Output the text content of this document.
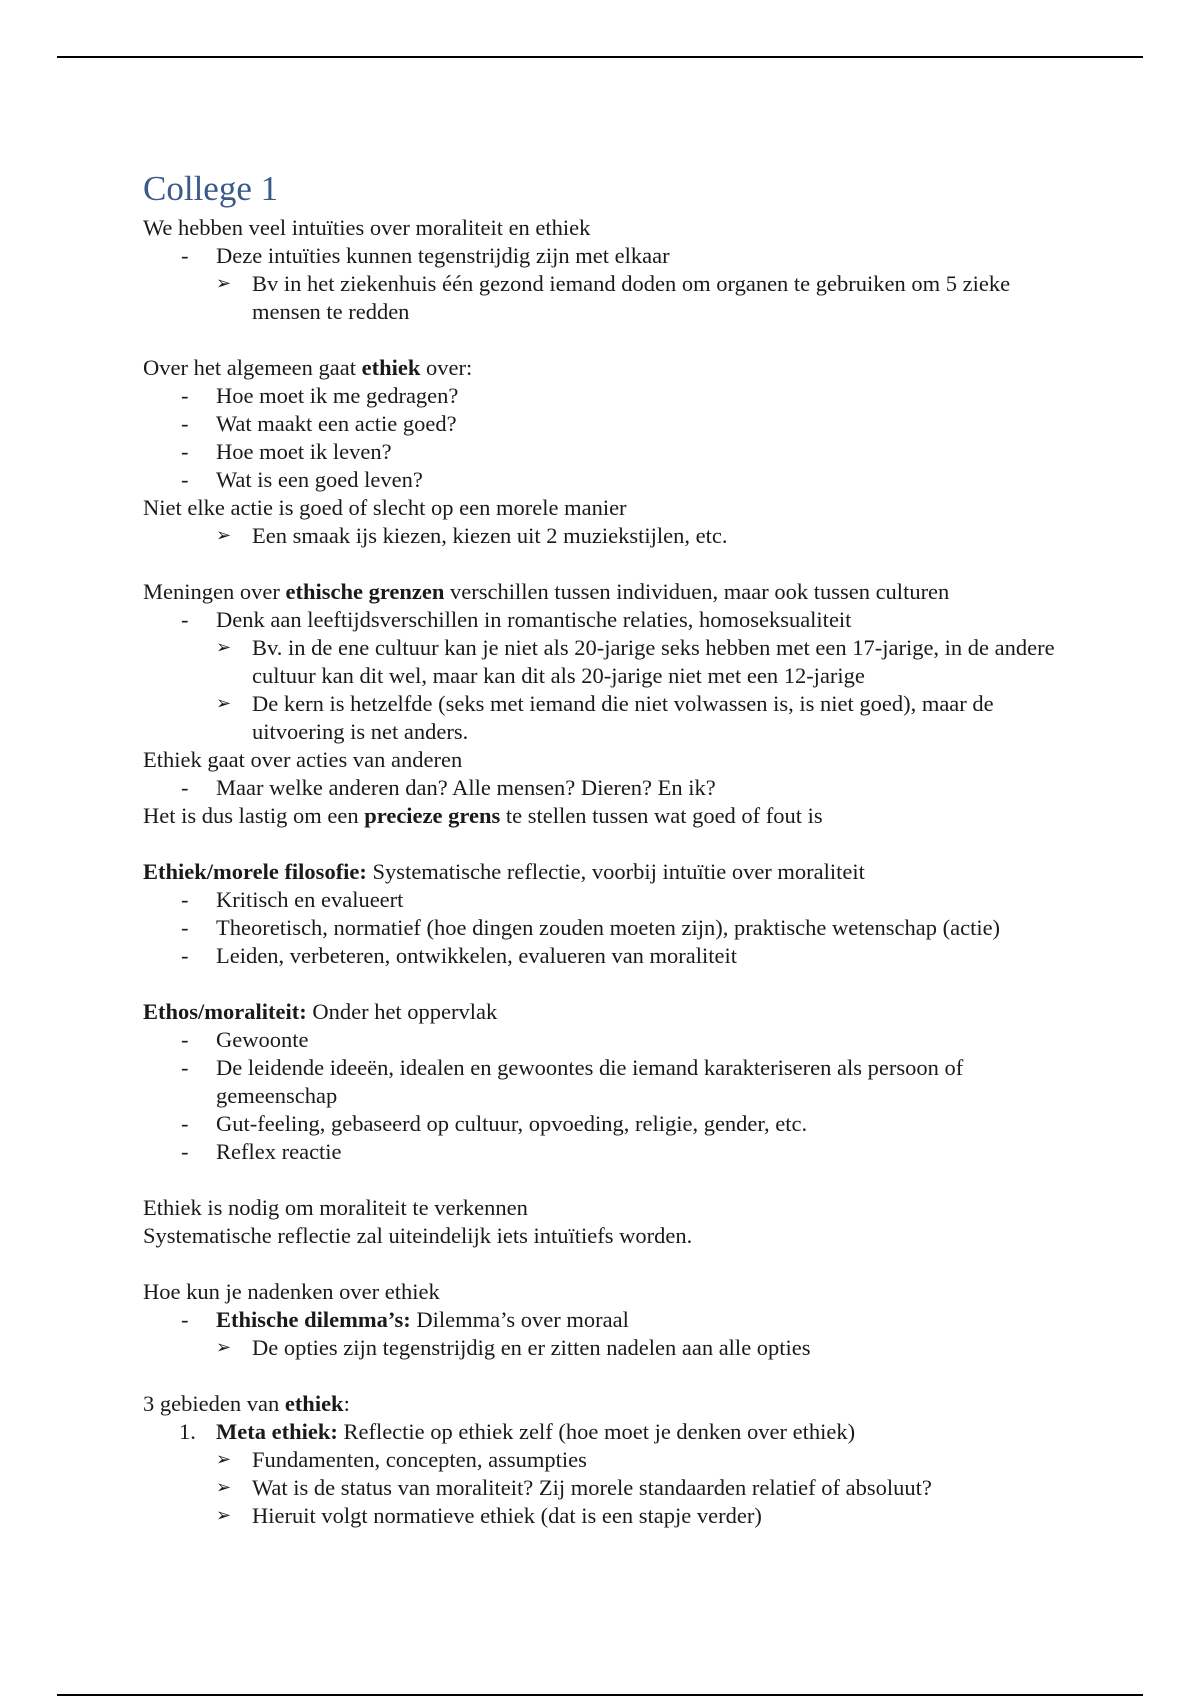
College 1

We hebben veel intuïties over moraliteit en ethiek

- Deze intuïties kunnen tegenstrijdig zijn met elkaar

➢ Bv in het ziekenhuis één gezond iemand doden om organen te gebruiken om 5 zieke mensen te redden

Over het algemeen gaat ethiek over:

- Hoe moet ik me gedragen?

- Wat maakt een actie goed?

- Hoe moet ik leven?

- Wat is een goed leven?

Niet elke actie is goed of slecht op een morele manier

➢ Een smaak ijs kiezen, kiezen uit 2 muziekstijlen, etc.

Meningen over ethische grenzen verschillen tussen individuen, maar ook tussen culturen

- Denk aan leeftijdsverschillen in romantische relaties, homoseksualiteit

➢ Bv. in de ene cultuur kan je niet als 20-jarige seks hebben met een 17-jarige, in de andere cultuur kan dit wel, maar kan dit als 20-jarige niet met een 12-jarige

➢ De kern is hetzelfde (seks met iemand die niet volwassen is, is niet goed), maar de uitvoering is net anders.

Ethiek gaat over acties van anderen

- Maar welke anderen dan? Alle mensen? Dieren? En ik?

Het is dus lastig om een precieze grens te stellen tussen wat goed of fout is

Ethiek/morele filosofie: Systematische reflectie, voorbij intuïtie over moraliteit

- Kritisch en evalueert

- Theoretisch, normatief (hoe dingen zouden moeten zijn), praktische wetenschap (actie)

- Leiden, verbeteren, ontwikkelen, evalueren van moraliteit

Ethos/moraliteit: Onder het oppervlak

- Gewoonte

- De leidende ideeën, idealen en gewoontes die iemand karakteriseren als persoon of gemeenschap

- Gut-feeling, gebaseerd op cultuur, opvoeding, religie, gender, etc.

- Reflex reactie

Ethiek is nodig om moraliteit te verkennen

Systematische reflectie zal uiteindelijk iets intuïtiefs worden.

Hoe kun je nadenken over ethiek

- Ethische dilemma’s: Dilemma’s over moraal

➢ De opties zijn tegenstrijdig en er zitten nadelen aan alle opties

3 gebieden van ethiek:

1. Meta ethiek: Reflectie op ethiek zelf (hoe moet je denken over ethiek)

➢ Fundamenten, concepten, assumpties

➢ Wat is de status van moraliteit? Zij morele standaarden relatief of absoluut?

➢ Hieruit volgt normatieve ethiek (dat is een stapje verder)
